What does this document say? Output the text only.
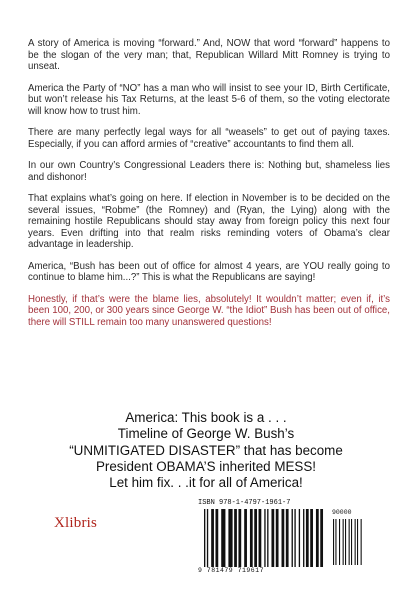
A story of America is moving “forward.” And, NOW that word “forward” happens to be the slogan of the very man; that, Republican Willard Mitt Romney is trying to unseat.

America the Party of “NO” has a man who will insist to see your ID, Birth Certificate, but won’t release his Tax Returns, at the least 5-6 of them, so the voting electorate will know how to trust him.

There are many perfectly legal ways for all “weasels” to get out of paying taxes. Especially, if you can afford armies of “creative” accountants to find them all.

In our own Country’s Congressional Leaders there is: Nothing but, shameless lies and dishonor!

That explains what’s going on here. If election in November is to be decided on the several issues, “Robme” (the Romney) and (Ryan, the Lying) along with the remaining hostile Republicans should stay away from foreign policy this next four years. Even drifting into that realm risks reminding voters of Obama’s clear advantage in leadership.

America, “Bush has been out of office for almost 4 years, are YOU really going to continue to blame him...?” This is what the Republicans are saying!

Honestly, if that’s were the blame lies, absolutely! It wouldn’t matter; even if, it’s been 100, 200, or 300 years since George W. “the Idiot” Bush has been out of office, there will STILL remain too many unanswered questions!

America: This book is a . . .
Timeline of George W. Bush’s
“UNMITIGATED DISASTER” that has become
President OBAMA’S inherited MESS!
Let him fix. . .it for all of America!
Xlibris
ISBN 978-1-4797-1961-7
90000
9 781479 719617
